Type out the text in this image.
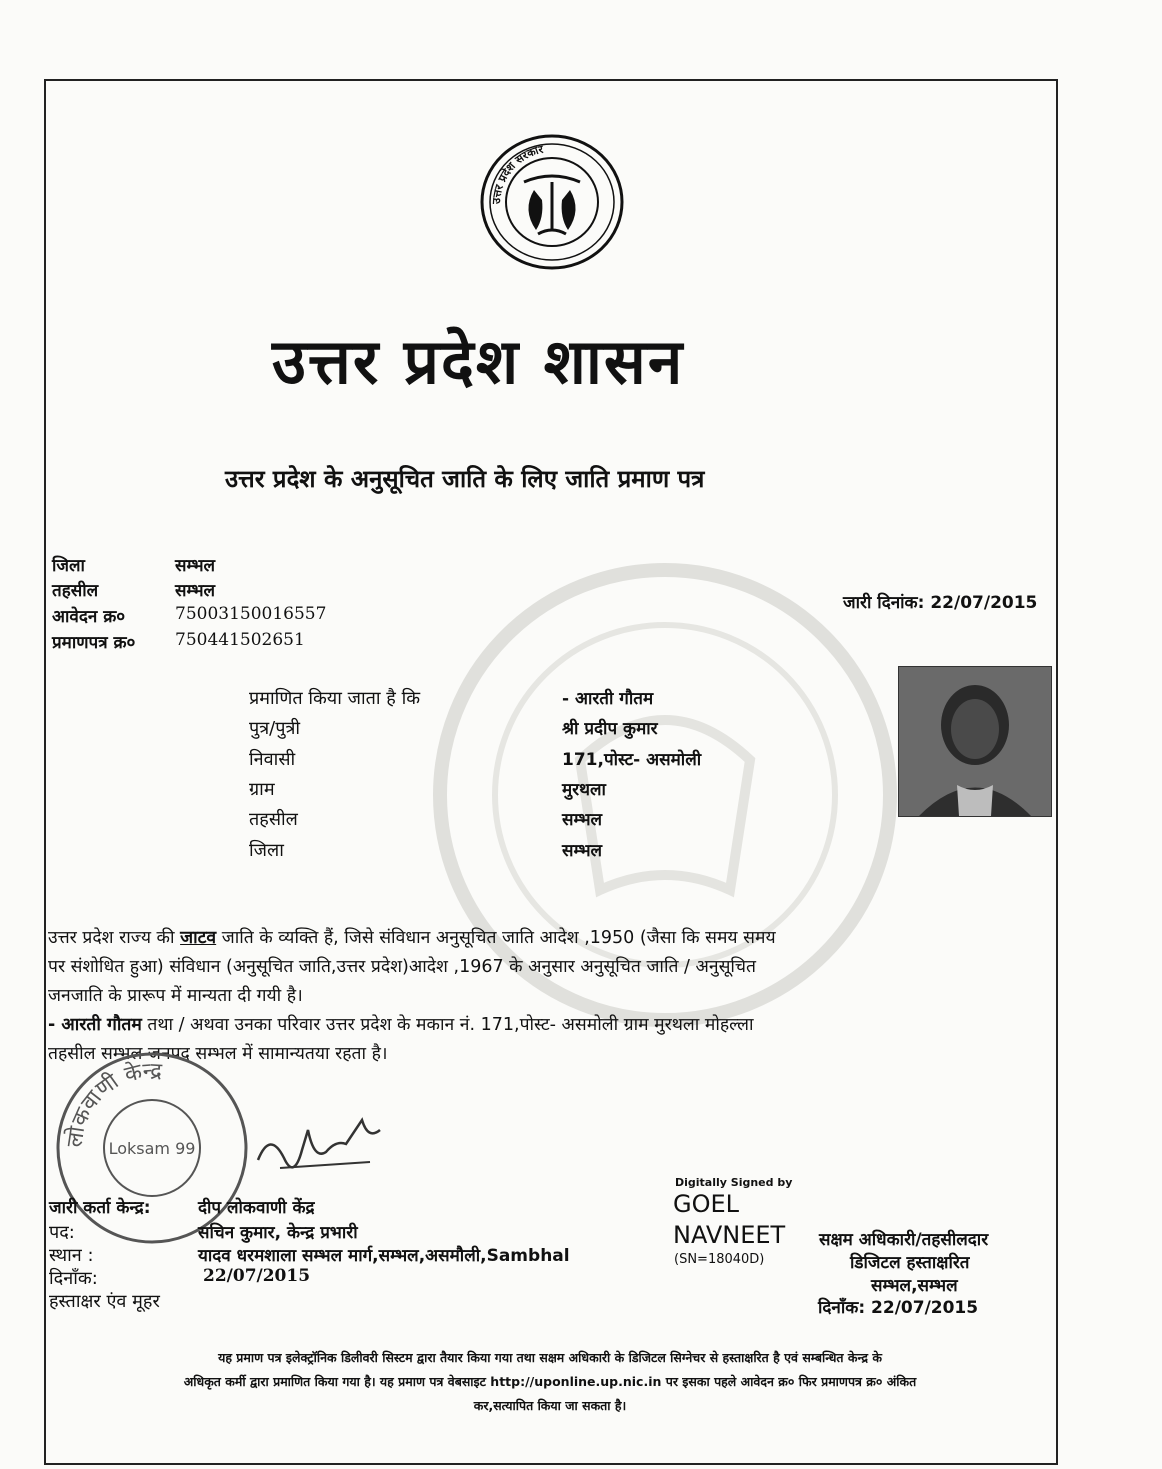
उत्तर प्रदेश सरकार
उत्तर प्रदेश शासन
उत्तर प्रदेश के अनुसूचित जाति के लिए जाति प्रमाण पत्र
जिला	सम्भल
तहसील	सम्भल
आवेदन क्र०	75003150016557
प्रमाणपत्र क्र० 750441502651
जारी दिनांक: 22/07/2015
प्रमाणित किया जाता है कि	- आरती गौतम
पुत्र/पुत्री	श्री प्रदीप कुमार
निवासी	171,पोस्ट- असमोली
ग्राम	मुरथला
तहसील	सम्भल
जिला	सम्भल

उत्तर प्रदेश राज्य की जाटव जाति के व्यक्ति हैं, जिसे संविधान अनुसूचित जाति आदेश ,1950 (जैसा कि समय समय

पर संशोधित हुआ) संविधान (अनुसूचित जाति,उत्तर प्रदेश)आदेश ,1967 के अनुसार अनुसूचित जाति / अनुसूचित

जनजाति के प्रारूप में मान्यता दी गयी है।

- आरती गौतम तथा / अथवा उनका परिवार उत्तर प्रदेश के मकान नं. 171,पोस्ट- असमोली ग्राम मुरथला मोहल्ला

तहसील सम्भल जनपद सम्भल में सामान्यतया रहता है।

लोकवाणी केन्द्र
Loksam 99
जारी कर्ता केन्द्र:	दीप लोकवाणी केंद्र
पद:	सचिन कुमार, केन्द्र प्रभारी
स्थान :	यादव धरमशाला सम्भल मार्ग,सम्भल,असमौली,Sambhal
दिनाँक:	22/07/2015
हस्ताक्षर एंव मूहर
Digitally Signed by
GOEL
NAVNEET
(SN=18040D)
सक्षम अधिकारी/तहसीलदार
डिजिटल हस्ताक्षरित
सम्भल,सम्भल
दिनाँक: 22/07/2015
यह प्रमाण पत्र इलेक्ट्रॉनिक डिलीवरी सिस्टम द्वारा तैयार किया गया तथा सक्षम अधिकारी के डिजिटल सिग्नेचर से हस्ताक्षरित है एवं सम्बन्धित केन्द्र के
अधिकृत कर्मी द्वारा प्रमाणित किया गया है। यह प्रमाण पत्र वेबसाइट http://uponline.up.nic.in पर इसका पहले आवेदन क्र० फिर प्रमाणपत्र क्र० अंकित
कर,सत्यापित किया जा सकता है।
